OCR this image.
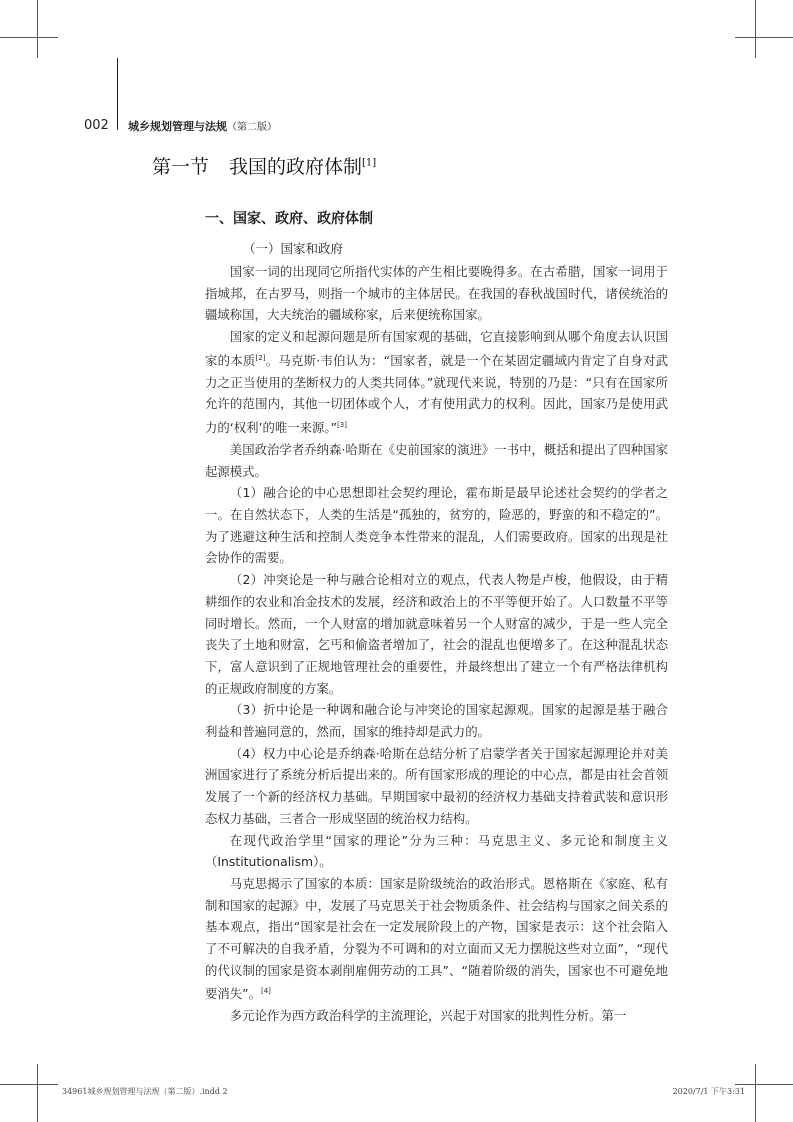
002 城乡规划管理与法规（第二版）
第一节 我国的政府体制[1]
一、国家、政府、政府体制
（一）国家和政府

国家一词的出现同它所指代实体的产生相比要晚得多。在古希腊，国家一词用于指城邦，在古罗马，则指一个城市的主体居民。在我国的春秋战国时代，诸侯统治的疆域称国，大夫统治的疆域称家，后来便统称国家。

国家的定义和起源问题是所有国家观的基础，它直接影响到从哪个角度去认识国家的本质[2]。马克斯·韦伯认为：“国家者，就是一个在某固定疆域内肯定了自身对武力之正当使用的垄断权力的人类共同体。”就现代来说，特别的乃是：“只有在国家所允许的范围内，其他一切团体或个人，才有使用武力的权利。因此，国家乃是使用武力的‘权利’的唯一来源。”[3]

美国政治学者乔纳森·哈斯在《史前国家的演进》一书中，概括和提出了四种国家起源模式。

（1）融合论的中心思想即社会契约理论，霍布斯是最早论述社会契约的学者之一。在自然状态下，人类的生活是“孤独的，贫穷的，险恶的，野蛮的和不稳定的”。为了逃避这种生活和控制人类竞争本性带来的混乱，人们需要政府。国家的出现是社会协作的需要。

（2）冲突论是一种与融合论相对立的观点，代表人物是卢梭，他假设，由于精耕细作的农业和冶金技术的发展，经济和政治上的不平等便开始了。人口数量不平等同时增长。然而，一个人财富的增加就意味着另一个人财富的减少，于是一些人完全丧失了土地和财富，乞丐和偷盗者增加了，社会的混乱也便增多了。在这种混乱状态下，富人意识到了正规地管理社会的重要性，并最终想出了建立一个有严格法律机构的正规政府制度的方案。

（3）折中论是一种调和融合论与冲突论的国家起源观。国家的起源是基于融合利益和普遍同意的，然而，国家的维持却是武力的。

（4）权力中心论是乔纳森·哈斯在总结分析了启蒙学者关于国家起源理论并对美洲国家进行了系统分析后提出来的。所有国家形成的理论的中心点，都是由社会首领发展了一个新的经济权力基础。早期国家中最初的经济权力基础支持着武装和意识形态权力基础，三者合一形成坚固的统治权力结构。

在现代政治学里“国家的理论”分为三种：马克思主义、多元论和制度主义（Institutionalism）。

马克思揭示了国家的本质：国家是阶级统治的政治形式。恩格斯在《家庭、私有制和国家的起源》中，发展了马克思关于社会物质条件、社会结构与国家之间关系的基本观点，指出“国家是社会在一定发展阶段上的产物，国家是表示：这个社会陷入了不可解决的自我矛盾，分裂为不可调和的对立面而又无力摆脱这些对立面”，“现代的代议制的国家是资本剥削雇佣劳动的工具”、“随着阶级的消失，国家也不可避免地要消失”。[4]

多元论作为西方政治科学的主流理论，兴起于对国家的批判性分析。第一

34961城乡规划管理与法规（第二版）.indd 2	2020/7/1 下午3:31
